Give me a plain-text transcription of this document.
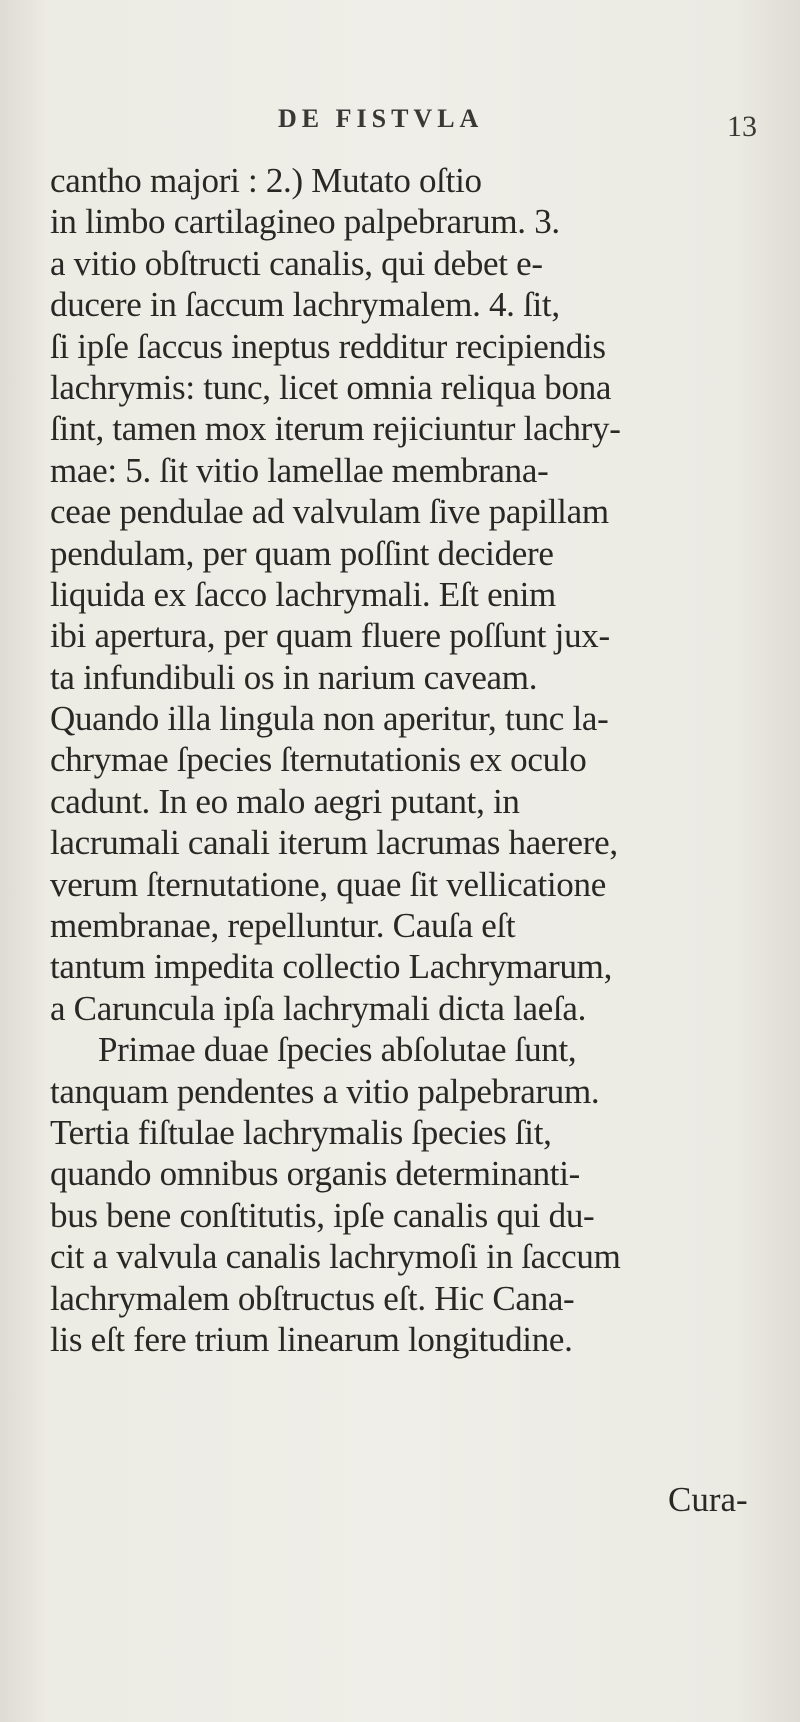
DE FISTVLA	13
cantho majori : 2.) Mutato oſtio
in limbo cartilagineo palpebrarum. 3.
a vitio obſtructi canalis, qui debet e-
ducere in ſaccum lachrymalem. 4. ſit,
ſi ipſe ſaccus ineptus redditur recipiendis
lachrymis: tunc, licet omnia reliqua bona
ſint, tamen mox iterum rejiciuntur lachry-
mae: 5. ſit vitio lamellae membrana-
ceae pendulae ad valvulam ſive papillam
pendulam, per quam poſſint decidere
liquida ex ſacco lachrymali. Eſt enim
ibi apertura, per quam fluere poſſunt jux-
ta infundibuli os in narium caveam.
Quando illa lingula non aperitur, tunc la-
chrymae ſpecies ſternutationis ex oculo
cadunt. In eo malo aegri putant, in
lacrumali canali iterum lacrumas haerere,
verum ſternutatione, quae ſit vellicatione
membranae, repelluntur. Cauſa eſt
tantum impedita collectio Lachrymarum,
a Caruncula ipſa lachrymali dicta laeſa.
Primae duae ſpecies abſolutae ſunt,
tanquam pendentes a vitio palpebrarum.
Tertia fiſtulae lachrymalis ſpecies ſit,
quando omnibus organis determinanti-
bus bene conſtitutis, ipſe canalis qui du-
cit a valvula canalis lachrymoſi in ſaccum
lachrymalem obſtructus eſt. Hic Cana-
lis eſt fere trium linearum longitudine.
Cura-
